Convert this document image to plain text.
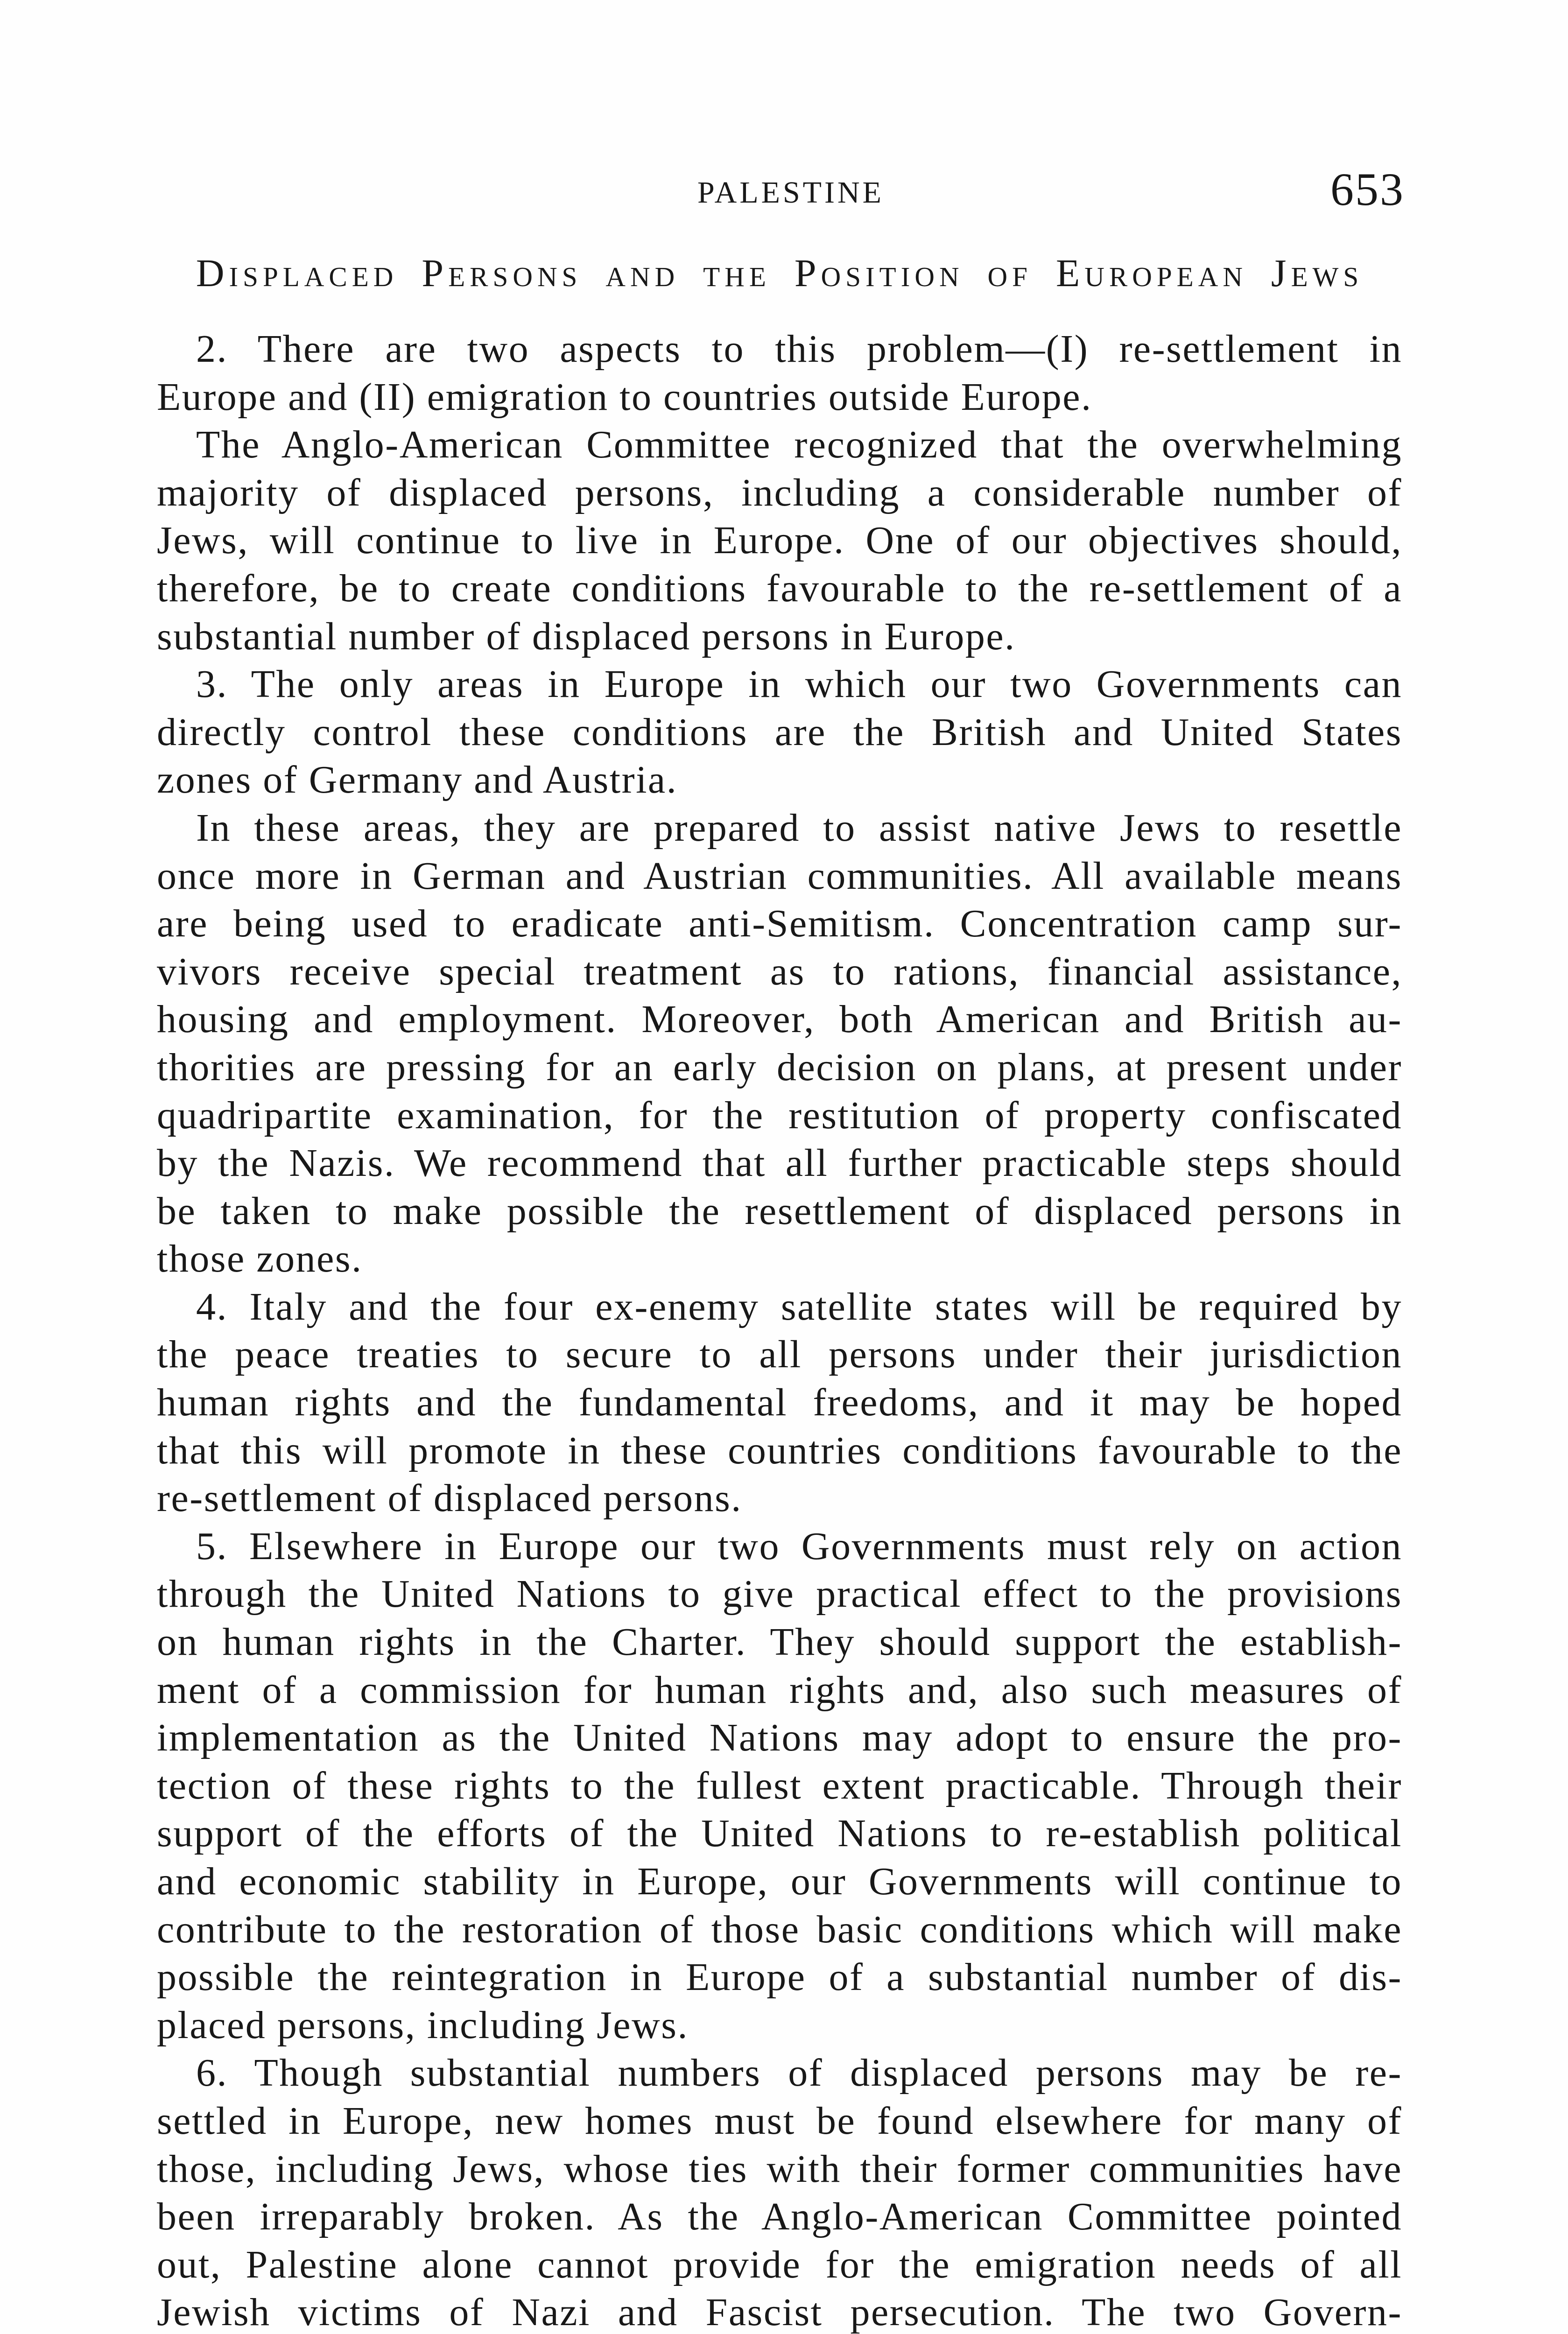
PALESTINE	653
Displaced Persons and the Position of European Jews
2. There are two aspects to this problem—(I) re-settlement in
Europe and (II) emigration to countries outside Europe.
The Anglo-American Committee recognized that the overwhelming
majority of displaced persons, including a considerable number of
Jews, will continue to live in Europe. One of our objectives should,
therefore, be to create conditions favourable to the re-settlement of a
substantial number of displaced persons in Europe.
3. The only areas in Europe in which our two Governments can
directly control these conditions are the British and United States
zones of Germany and Austria.
In these areas, they are prepared to assist native Jews to resettle
once more in German and Austrian communities. All available means
are being used to eradicate anti-Semitism. Concentration camp sur-
vivors receive special treatment as to rations, financial assistance,
housing and employment. Moreover, both American and British au-
thorities are pressing for an early decision on plans, at present under
quadripartite examination, for the restitution of property confiscated
by the Nazis. We recommend that all further practicable steps should
be taken to make possible the resettlement of displaced persons in
those zones.
4. Italy and the four ex-enemy satellite states will be required by
the peace treaties to secure to all persons under their jurisdiction
human rights and the fundamental freedoms, and it may be hoped
that this will promote in these countries conditions favourable to the
re-settlement of displaced persons.
5. Elsewhere in Europe our two Governments must rely on action
through the United Nations to give practical effect to the provisions
on human rights in the Charter. They should support the establish-
ment of a commission for human rights and, also such measures of
implementation as the United Nations may adopt to ensure the pro-
tection of these rights to the fullest extent practicable. Through their
support of the efforts of the United Nations to re-establish political
and economic stability in Europe, our Governments will continue to
contribute to the restoration of those basic conditions which will make
possible the reintegration in Europe of a substantial number of dis-
placed persons, including Jews.
6. Though substantial numbers of displaced persons may be re-
settled in Europe, new homes must be found elsewhere for many of
those, including Jews, whose ties with their former communities have
been irreparably broken. As the Anglo-American Committee pointed
out, Palestine alone cannot provide for the emigration needs of all
Jewish victims of Nazi and Fascist persecution. The two Govern-
